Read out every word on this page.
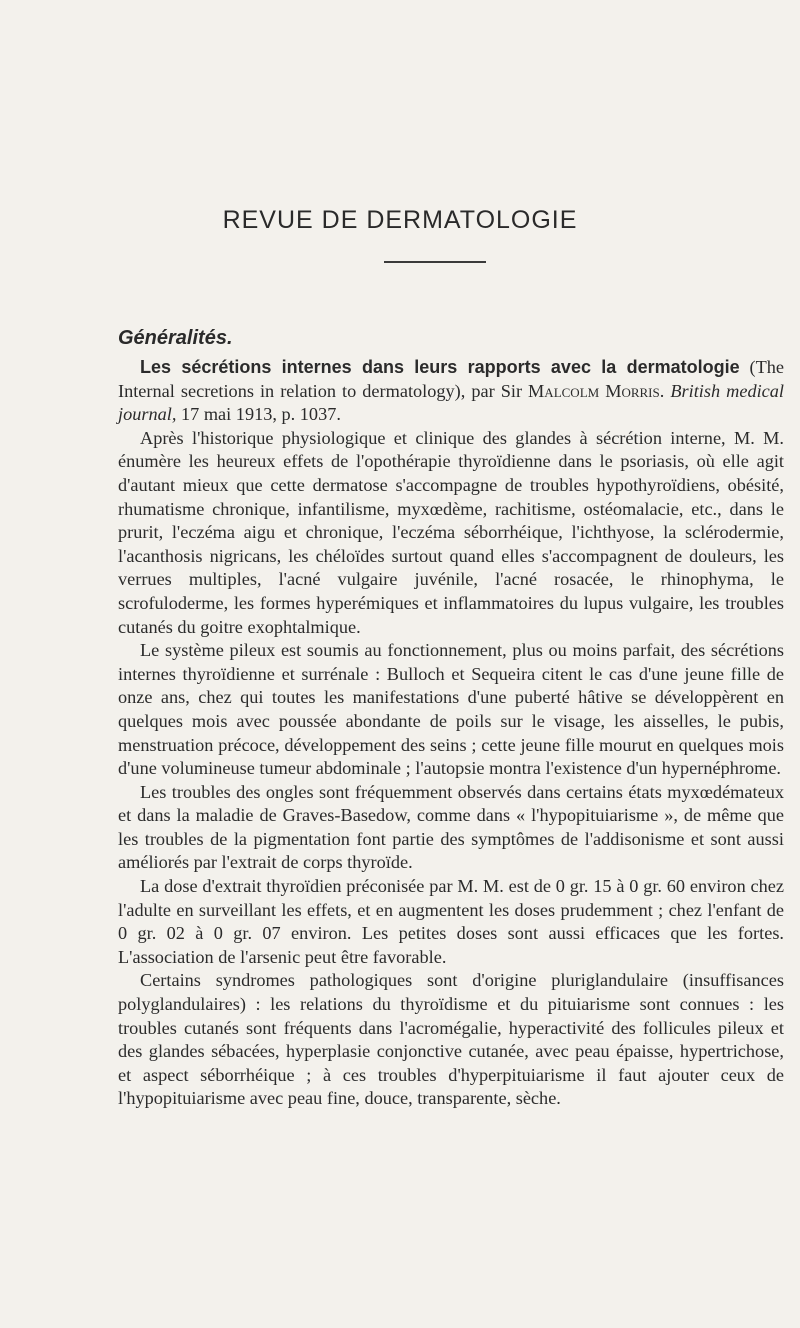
REVUE DE DERMATOLOGIE
Généralités.

Les sécrétions internes dans leurs rapports avec la dermatologie (The Internal secretions in relation to dermatology), par Sir Malcolm Morris. British medical journal, 17 mai 1913, p. 1037.

Après l'historique physiologique et clinique des glandes à sécrétion interne, M. M. énumère les heureux effets de l'opothérapie thyroïdienne dans le psoriasis, où elle agit d'autant mieux que cette dermatose s'accompagne de troubles hypothyroïdiens, obésité, rhumatisme chronique, infantilisme, myxœdème, rachitisme, ostéomalacie, etc., dans le prurit, l'eczéma aigu et chronique, l'eczéma séborrhéique, l'ichthyose, la sclérodermie, l'acanthosis nigricans, les chéloïdes surtout quand elles s'accompagnent de douleurs, les verrues multiples, l'acné vulgaire juvénile, l'acné rosacée, le rhinophyma, le scrofuloderme, les formes hyperémiques et inflammatoires du lupus vulgaire, les troubles cutanés du goitre exophtalmique.

Le système pileux est soumis au fonctionnement, plus ou moins parfait, des sécrétions internes thyroïdienne et surrénale : Bulloch et Sequeira citent le cas d'une jeune fille de onze ans, chez qui toutes les manifestations d'une puberté hâtive se développèrent en quelques mois avec poussée abondante de poils sur le visage, les aisselles, le pubis, menstruation précoce, développement des seins ; cette jeune fille mourut en quelques mois d'une volumineuse tumeur abdominale ; l'autopsie montra l'existence d'un hypernéphrome.

Les troubles des ongles sont fréquemment observés dans certains états myxœdémateux et dans la maladie de Graves-Basedow, comme dans « l'hypopituiarisme », de même que les troubles de la pigmentation font partie des symptômes de l'addisonisme et sont aussi améliorés par l'extrait de corps thyroïde.

La dose d'extrait thyroïdien préconisée par M. M. est de 0 gr. 15 à 0 gr. 60 environ chez l'adulte en surveillant les effets, et en augmentent les doses prudemment ; chez l'enfant de 0 gr. 02 à 0 gr. 07 environ. Les petites doses sont aussi efficaces que les fortes. L'association de l'arsenic peut être favorable.

Certains syndromes pathologiques sont d'origine pluriglandulaire (insuffisances polyglandulaires) : les relations du thyroïdisme et du pituiarisme sont connues : les troubles cutanés sont fréquents dans l'acromégalie, hyperactivité des follicules pileux et des glandes sébacées, hyperplasie conjonctive cutanée, avec peau épaisse, hypertrichose, et aspect séborrhéique ; à ces troubles d'hyperpituiarisme il faut ajouter ceux de l'hypopituiarisme avec peau fine, douce, transparente, sèche.
